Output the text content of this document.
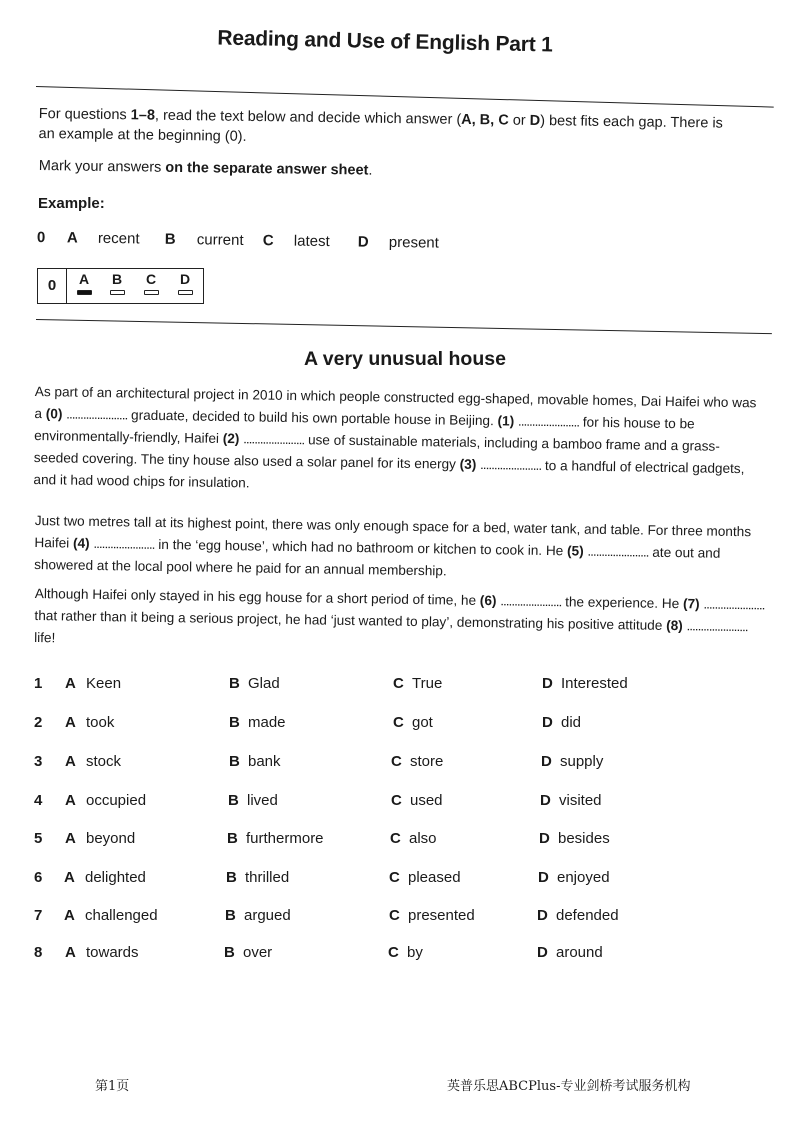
Reading and Use of English Part 1
For questions 1–8, read the text below and decide which answer (A, B, C or D) best fits each gap. There is
an example at the beginning (0).
Mark your answers on the separate answer sheet.
Example:
0 A recent B current C latest D present
0	A	B	C	D
A very unusual house
As part of an architectural project in 2010 in which people constructed egg-shaped, movable homes, Dai Haifei who was a (0) ...................... graduate, decided to build his own portable house in Beijing. (1) ...................... for his house to be environmentally-friendly, Haifei (2) ...................... use of sustainable materials, including a bamboo frame and a grass-seeded covering. The tiny house also used a solar panel for its energy (3) ...................... to a handful of electrical gadgets, and it had wood chips for insulation.
Just two metres tall at its highest point, there was only enough space for a bed, water tank, and table. For three months Haifei (4) ...................... in the ‘egg house’, which had no bathroom or kitchen to cook in. He (5) ...................... ate out and showered at the local pool where he paid for an annual membership.
Although Haifei only stayed in his egg house for a short period of time, he (6) ...................... the experience. He (7) ...................... that rather than it being a serious project, he had ‘just wanted to play’, demonstrating his positive attitude (8) ...................... life!
1 A Keen	B Glad	C True	D Interested
2 A took	B made	C got	D did
3 A stock	B bank	C store	D supply
4 A occupied	B lived	C used	D visited
5 A beyond	B furthermore	C also	D besides
6 A delighted	B thrilled	C pleased	D enjoyed
7 A challenged	B argued	C presented	D defended
8 A towards	B over	C by	D around
第1页	英普乐思ABCPlus-专业剑桥考试服务机构
